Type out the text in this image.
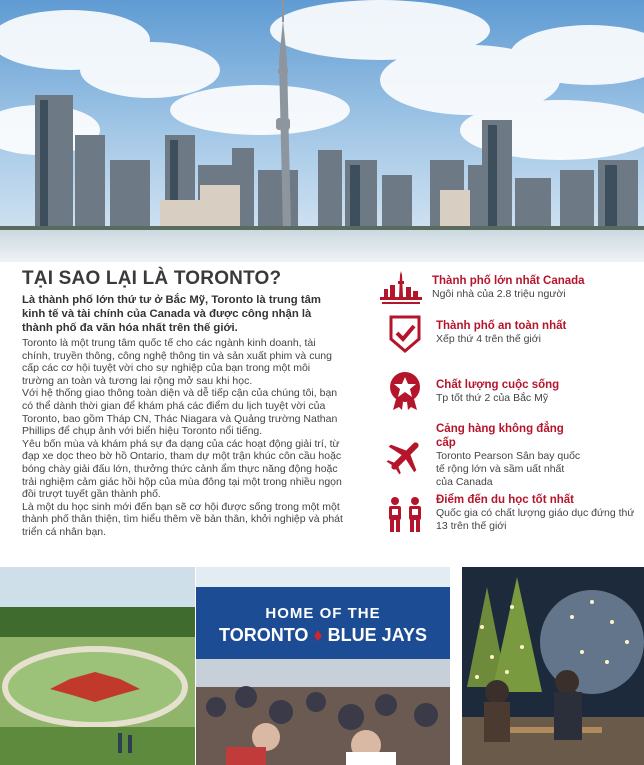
TẠI SAO LẠI LÀ TORONTO?

Là thành phố lớn thứ tư ở Bắc Mỹ, Toronto là trung tâm kinh tế và tài chính của Canada và được công nhận là thành phố đa văn hóa nhất trên thế giới.

Toronto là một trung tâm quốc tế cho các ngành kinh doanh, tài chính, truyền thông, công nghệ thông tin và sản xuất phim và cung cấp các cơ hội tuyệt vời cho sự nghiệp của bạn trong một môi trường an toàn và tương lai rộng mở sau khi học.

Với hệ thống giao thông toàn diện và dễ tiếp cận của chúng tôi, bạn có thể dành thời gian để khám phá các điểm du lịch tuyệt vời của Toronto, bao gồm Tháp CN, Thác Niagara và Quảng trường Nathan Phillips để chụp ảnh với biển hiệu Toronto nổi tiếng.

Yêu bốn mùa và khám phá sự đa dạng của các hoạt động giải trí, từ đạp xe dọc theo bờ hồ Ontario, tham dự một trận khúc côn cầu hoặc bóng chày giải đấu lớn, thưởng thức cảnh ẩm thực năng động hoặc trải nghiệm cảm giác hồi hộp của mùa đông tại một trong nhiều ngọn đồi trượt tuyết gần thành phố.

Là một du học sinh mới đến bạn sẽ cơ hội được sống trong một một thành phố thân thiện, tìm hiểu thêm về bản thân, khởi nghiệp và phát triển cá nhân bạn.

Thành phố lớn nhất Canada
Ngôi nhà của 2.8 triệu người
Thành phố an toàn nhất
Xếp thứ 4 trên thế giới
Chất lượng cuộc sống
Tp tốt thứ 2 của Bắc Mỹ
Cảng hàng không đẳng cấp
Toronto Pearson Sân bay quốc tế rộng lớn và sầm uất nhất của Canada
Điểm đến du học tốt nhất
Quốc gia có chất lượng giáo dục đứng thứ 13 trên thế giới
HOME OF THE
TORONTO ♦ BLUE JAYS
